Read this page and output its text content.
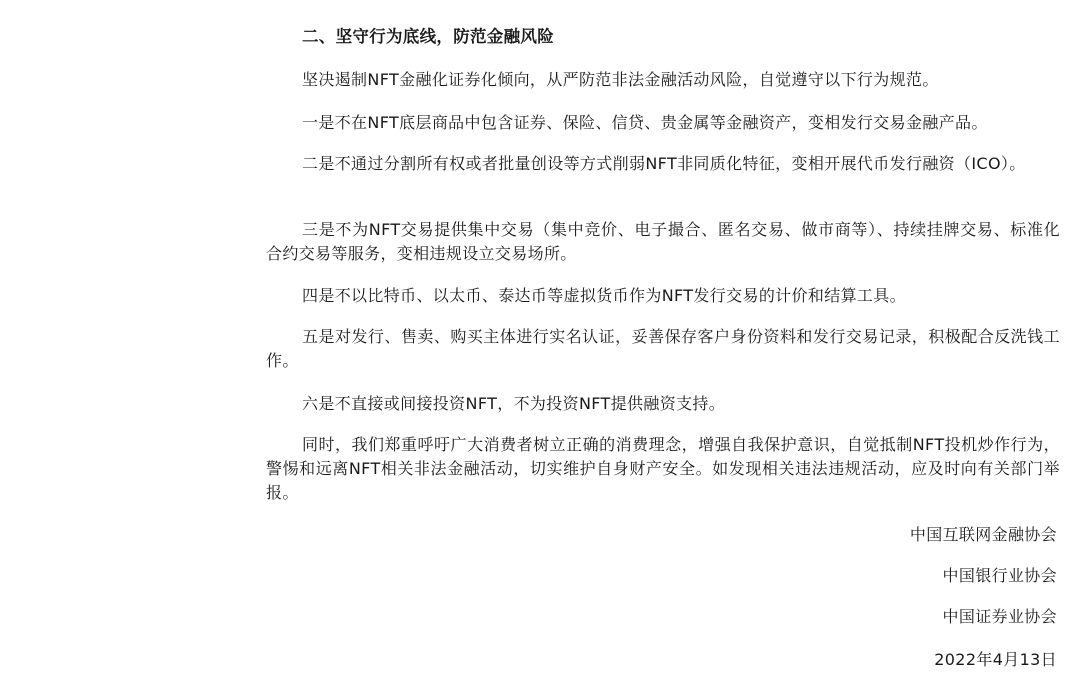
二、坚守行为底线，防范金融风险

坚决遏制NFT金融化证券化倾向，从严防范非法金融活动风险，自觉遵守以下行为规范。

一是不在NFT底层商品中包含证券、保险、信贷、贵金属等金融资产，变相发行交易金融产品。

二是不通过分割所有权或者批量创设等方式削弱NFT非同质化特征，变相开展代币发行融资（ICO）。

三是不为NFT交易提供集中交易（集中竞价、电子撮合、匿名交易、做市商等）、持续挂牌交易、标准化合约交易等服务，变相违规设立交易场所。

四是不以比特币、以太币、泰达币等虚拟货币作为NFT发行交易的计价和结算工具。

五是对发行、售卖、购买主体进行实名认证，妥善保存客户身份资料和发行交易记录，积极配合反洗钱工作。

六是不直接或间接投资NFT，不为投资NFT提供融资支持。

同时，我们郑重呼吁广大消费者树立正确的消费理念，增强自我保护意识，自觉抵制NFT投机炒作行为，警惕和远离NFT相关非法金融活动，切实维护自身财产安全。如发现相关违法违规活动，应及时向有关部门举报。

中国互联网金融协会

中国银行业协会

中国证券业协会

2022年4月13日
